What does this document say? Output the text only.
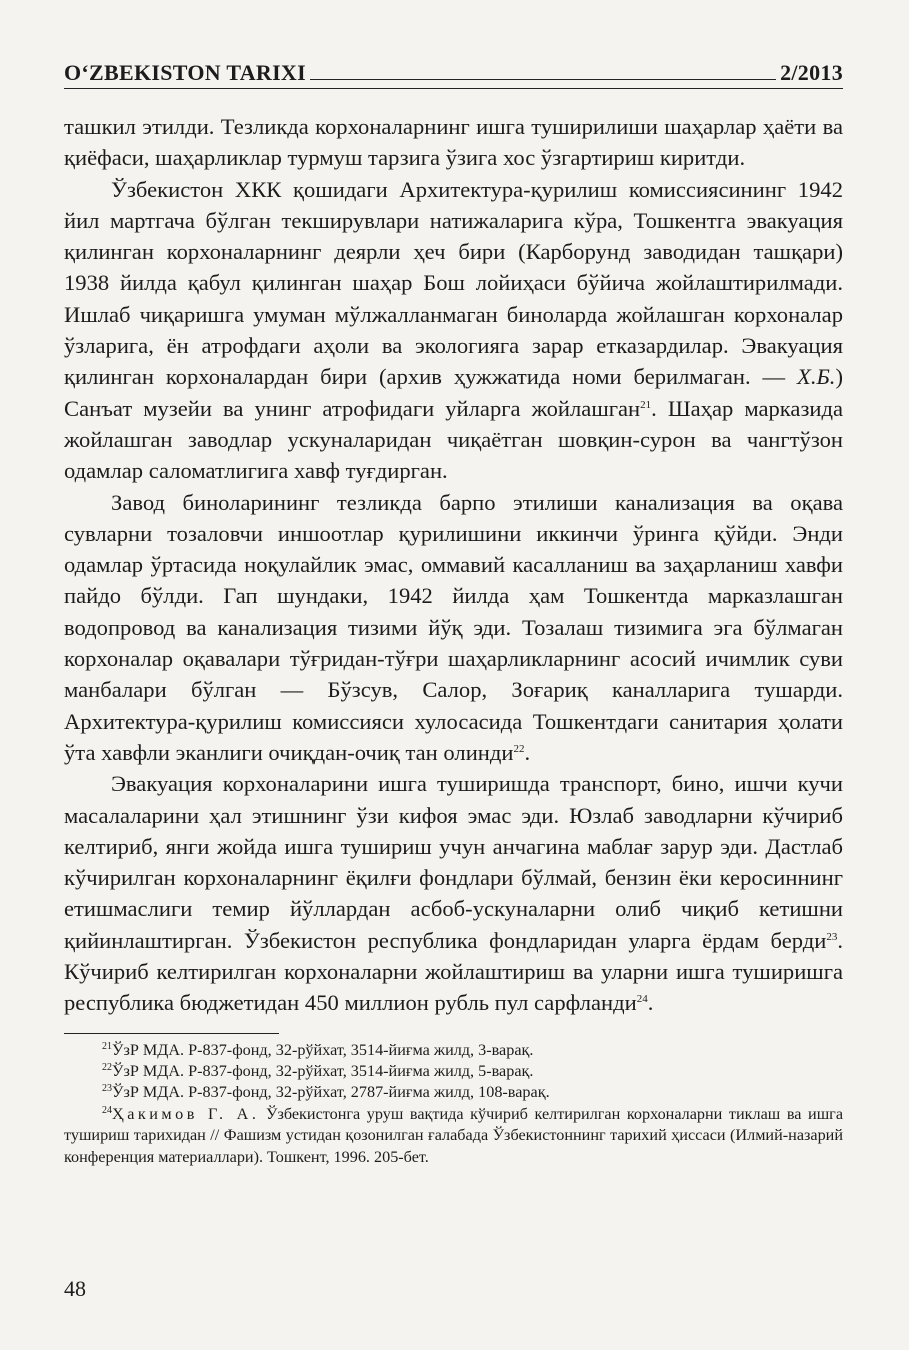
O‘ZBEKISTON TARIXI	2/2013

ташкил этилди. Тезликда корхоналарнинг ишга туширилиши шаҳарлар ҳаёти ва қиёфаси, шаҳарликлар турмуш тарзига ўзига хос ўзгартириш киритди.

Ўзбекистон ХКК қошидаги Архитектура-қурилиш комиссиясининг 1942 йил мартгача бўлган текширувлари натижаларига кўра, Тошкентга эвакуация қилинган корхоналарнинг деярли ҳеч бири (Карборунд заводидан ташқари) 1938 йилда қабул қилинган шаҳар Бош лойиҳаси бўйича жойлаштирилмади. Ишлаб чиқаришга умуман мўлжалланмаган биноларда жойлашган корхоналар ўзларига, ён атрофдаги аҳоли ва экологияга зарар етказардилар. Эвакуация қилинган корхоналардан бири (архив ҳужжатида номи берилмаган. — Х.Б.) Санъат музейи ва унинг атрофидаги уйларга жойлашган$^{21}$. Шаҳар марказида жойлашган заводлар ускуналаридан чиқаётган шовқин-сурон ва чангтўзон одамлар саломатлигига хавф туғдирган.

Завод биноларининг тезликда барпо этилиши канализация ва оқава сувларни тозаловчи иншоотлар қурилишини иккинчи ўринга қўйди. Энди одамлар ўртасида ноқулайлик эмас, оммавий касалланиш ва заҳарланиш хавфи пайдо бўлди. Гап шундаки, 1942 йилда ҳам Тошкентда марказлашган водопровод ва канализация тизими йўқ эди. Тозалаш тизимига эга бўлмаган корхоналар оқавалари тўғридан-тўғри шаҳарликларнинг асосий ичимлик суви манбалари бўлган — Бўзсув, Салор, Зоғариқ каналларига тушарди. Архитектура-қурилиш комиссияси хулосасида Тошкентдаги санитария ҳолати ўта хавфли эканлиги очиқдан-очиқ тан олинди$^{22}$.

Эвакуация корхоналарини ишга туширишда транспорт, бино, ишчи кучи масалаларини ҳал этишнинг ўзи кифоя эмас эди. Юзлаб заводларни кўчириб келтириб, янги жойда ишга тушириш учун анчагина маблағ зарур эди. Дастлаб кўчирилган корхоналарнинг ёқилғи фондлари бўлмай, бензин ёки керосиннинг етишмаслиги темир йўллардан асбоб-ускуналарни олиб чиқиб кетишни қийинлаштирган. Ўзбекистон республика фондларидан уларга ёрдам берди$^{23}$. Кўчириб келтирилган корхоналарни жойлаштириш ва уларни ишга туширишга республика бюджетидан 450 миллион рубль пул сарфланди$^{24}$.

$^{21}$ЎзР МДА. Р-837-фонд, 32-рўйхат, 3514-йиғма жилд, 3-варақ.

$^{22}$ЎзР МДА. Р-837-фонд, 32-рўйхат, 3514-йиғма жилд, 5-варақ.

$^{23}$ЎзР МДА. Р-837-фонд, 32-рўйхат, 2787-йиғма жилд, 108-варақ.

$^{24}$Ҳакимов Г. А. Ўзбекистонга уруш вақтида кўчириб келтирилган корхоналарни тиклаш ва ишга тушириш тарихидан // Фашизм устидан қозонилган ғалабада Ўзбекистоннинг тарихий ҳиссаси (Илмий-назарий конференция материаллари). Тошкент, 1996. 205-бет.

48
